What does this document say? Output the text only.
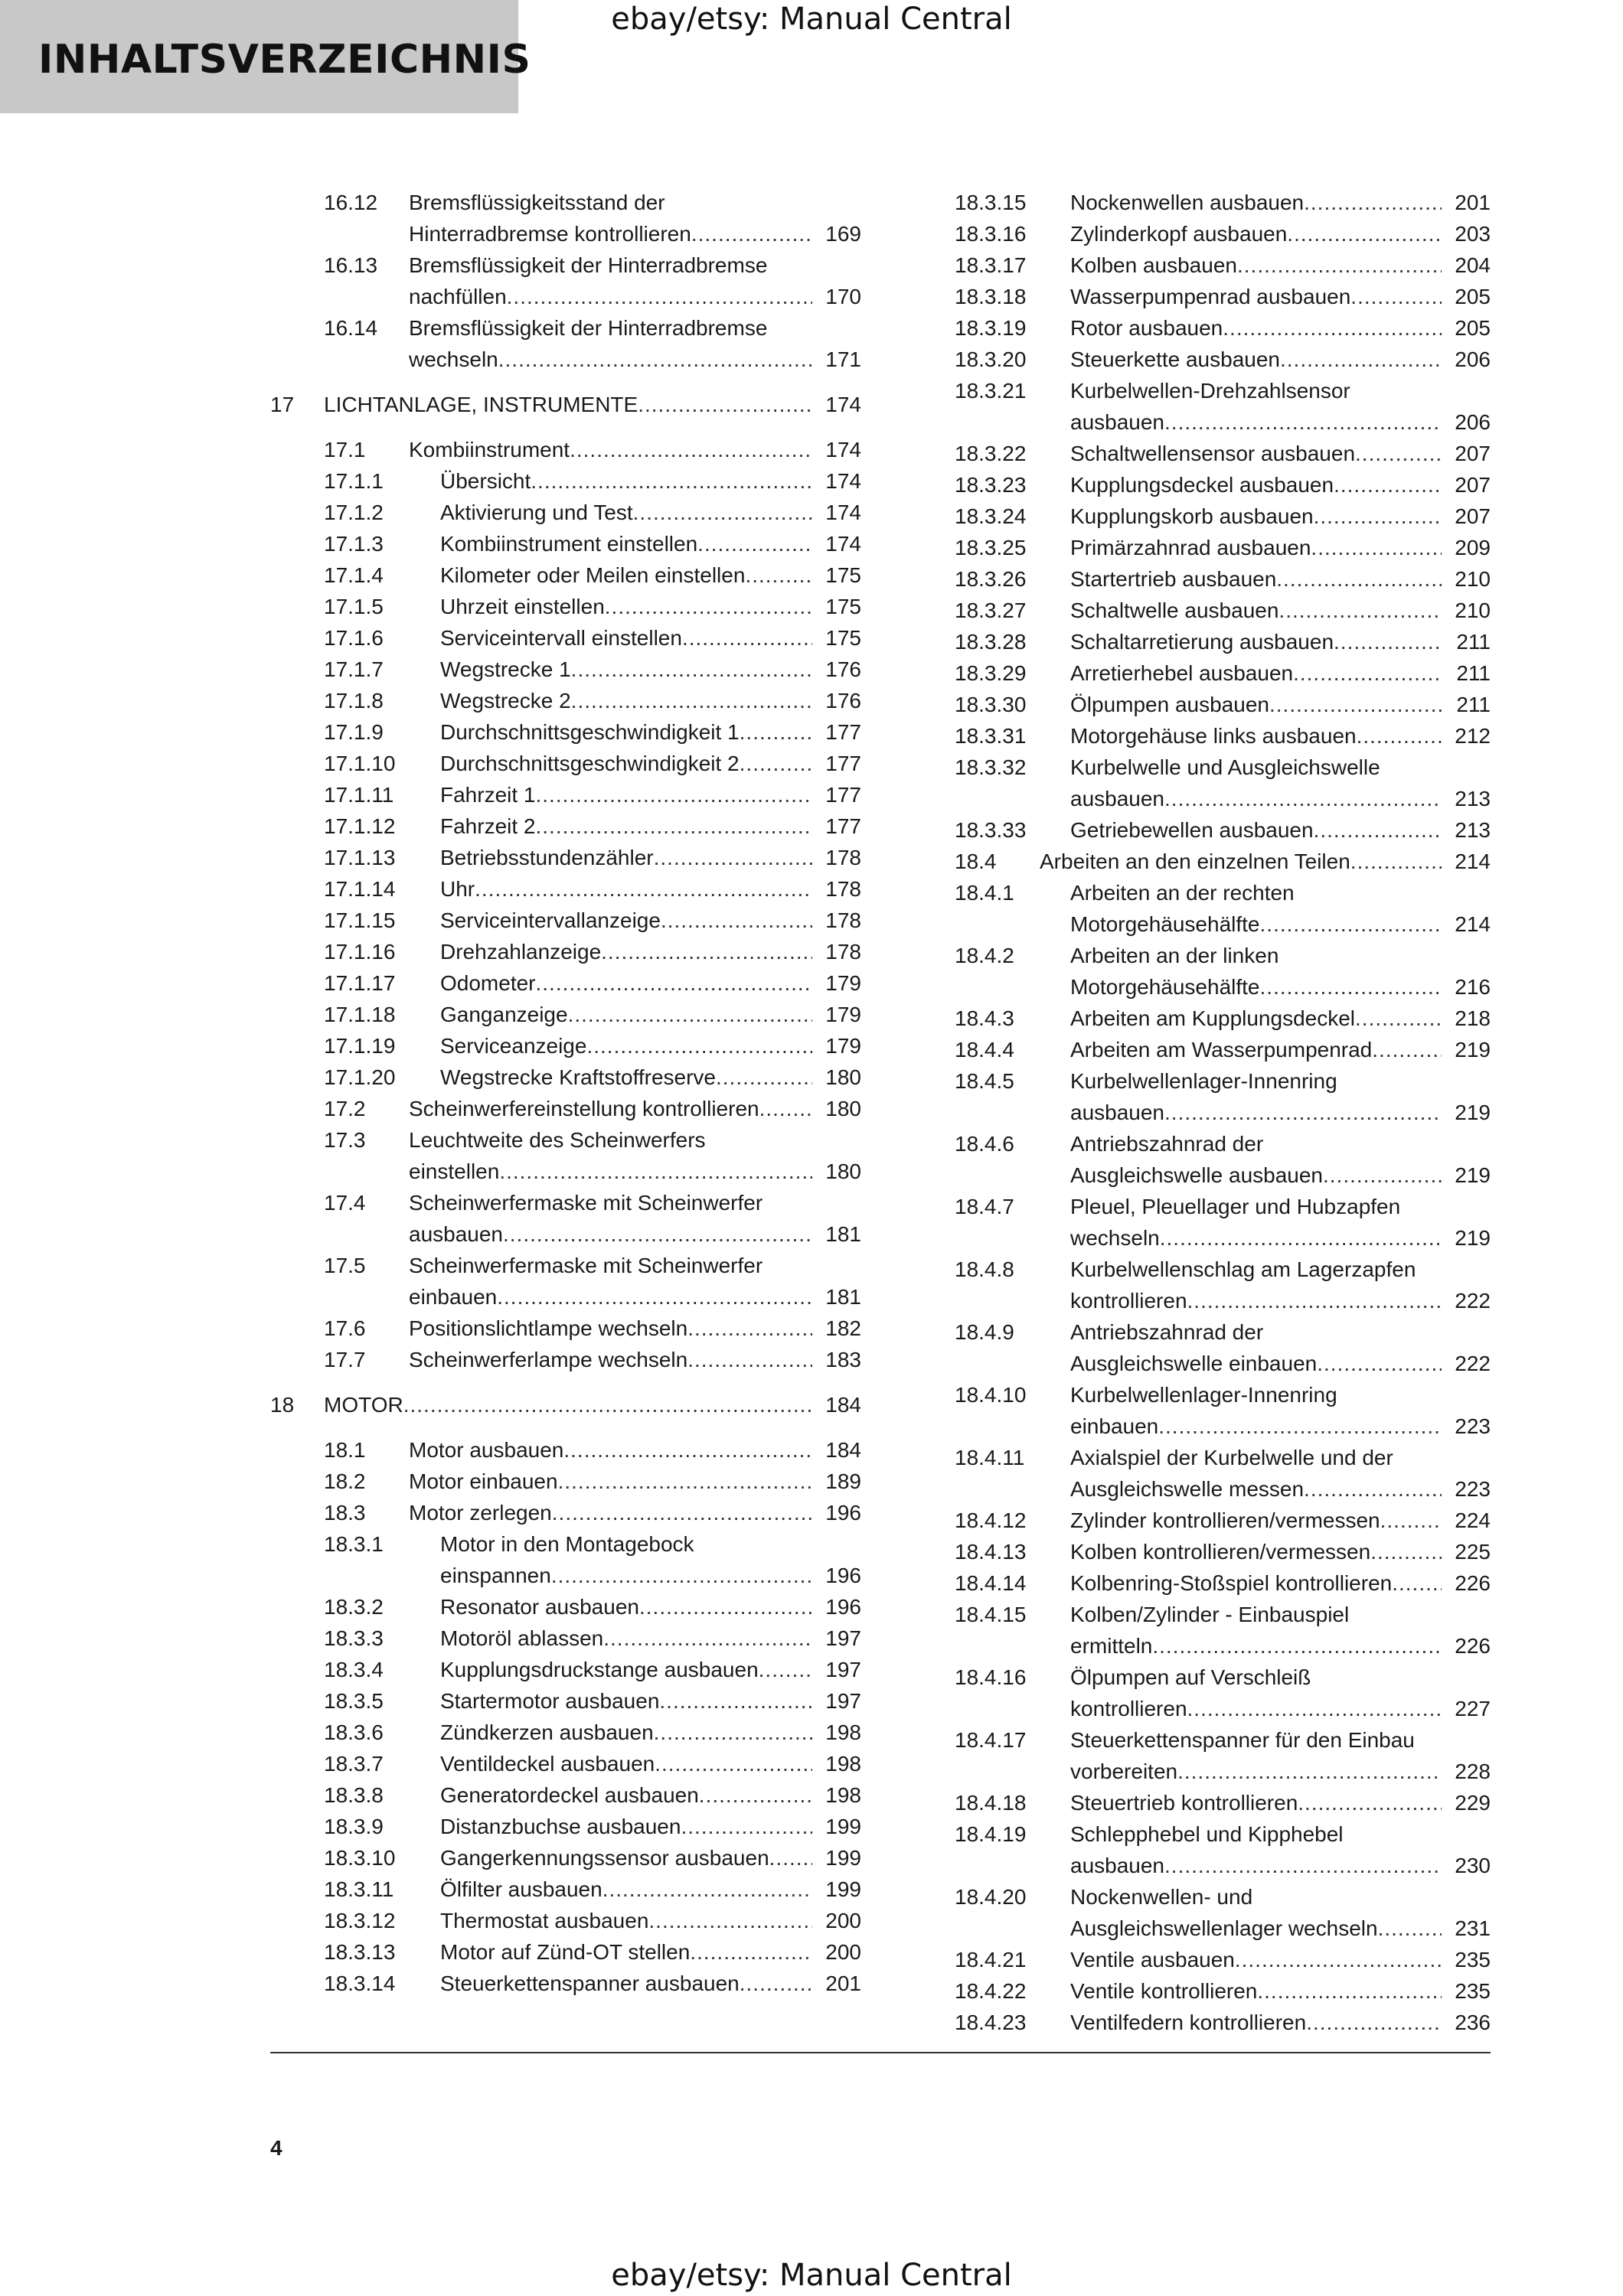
ebay/etsy: Manual Central
INHALTSVERZEICHNIS
16.12 Bremsflüssigkeitsstand der
Hinterradbremse kontrollieren .....	169
16.13 Bremsflüssigkeit der Hinterradbremse
nachfüllen .....	170
16.14 Bremsflüssigkeit der Hinterradbremse
wechseln .....	171
17 LICHTANLAGE, INSTRUMENTE .....	174
17.1 Kombiinstrument .....	174
17.1.1	Übersicht .....	174
17.1.2	Aktivierung und Test .....	174
17.1.3	Kombiinstrument einstellen .....	174
17.1.4	Kilometer oder Meilen einstellen .....	175
17.1.5	Uhrzeit einstellen .....	175
17.1.6	Serviceintervall einstellen .....	175
17.1.7	Wegstrecke 1 .....	176
17.1.8	Wegstrecke 2 .....	176
17.1.9	Durchschnittsgeschwindigkeit 1 .....	177
17.1.10 Durchschnittsgeschwindigkeit 2 .....	177
17.1.11 Fahrzeit 1 .....	177
17.1.12 Fahrzeit 2 .....	177
17.1.13 Betriebsstundenzähler .....	178
17.1.14 Uhr .....	178
17.1.15 Serviceintervallanzeige .....	178
17.1.16 Drehzahlanzeige .....	178
17.1.17 Odometer .....	179
17.1.18 Ganganzeige .....	179
17.1.19 Serviceanzeige .....	179
17.1.20 Wegstrecke Kraftstoffreserve .....	180
17.2 Scheinwerfereinstellung kontrollieren .....	180
17.3 Leuchtweite des Scheinwerfers
einstellen .....	180
17.4 Scheinwerfermaske mit Scheinwerfer
ausbauen .....	181
17.5 Scheinwerfermaske mit Scheinwerfer
einbauen .....	181
17.6 Positionslichtlampe wechseln .....	182
17.7 Scheinwerferlampe wechseln .....	183
18 MOTOR .....	184
18.1 Motor ausbauen .....	184
18.2 Motor einbauen .....	189
18.3 Motor zerlegen .....	196
18.3.1	Motor in den Montagebock
einspannen .....	196
18.3.2	Resonator ausbauen .....	196
18.3.3	Motoröl ablassen .....	197
18.3.4	Kupplungsdruckstange ausbauen .....	197
18.3.5	Startermotor ausbauen .....	197
18.3.6	Zündkerzen ausbauen .....	198
18.3.7	Ventildeckel ausbauen .....	198
18.3.8	Generatordeckel ausbauen .....	198
18.3.9	Distanzbuchse ausbauen .....	199
18.3.10 Gangerkennungssensor ausbauen .....	199
18.3.11 Ölfilter ausbauen .....	199
18.3.12 Thermostat ausbauen .....	200
18.3.13 Motor auf Zünd-OT stellen .....	200
18.3.14 Steuerkettenspanner ausbauen .....	201
18.3.15 Nockenwellen ausbauen .....	201
18.3.16 Zylinderkopf ausbauen .....	203
18.3.17 Kolben ausbauen .....	204
18.3.18 Wasserpumpenrad ausbauen .....	205
18.3.19 Rotor ausbauen .....	205
18.3.20 Steuerkette ausbauen .....	206
18.3.21 Kurbelwellen-Drehzahlsensor
ausbauen .....	206
18.3.22 Schaltwellensensor ausbauen .....	207
18.3.23 Kupplungsdeckel ausbauen .....	207
18.3.24 Kupplungskorb ausbauen .....	207
18.3.25 Primärzahnrad ausbauen .....	209
18.3.26 Startertrieb ausbauen .....	210
18.3.27 Schaltwelle ausbauen .....	210
18.3.28 Schaltarretierung ausbauen .....	211
18.3.29 Arretierhebel ausbauen .....	211
18.3.30 Ölpumpen ausbauen .....	211
18.3.31 Motorgehäuse links ausbauen .....	212
18.3.32 Kurbelwelle und Ausgleichswelle
ausbauen .....	213
18.3.33 Getriebewellen ausbauen .....	213
18.4 Arbeiten an den einzelnen Teilen .....	214
18.4.1	Arbeiten an der rechten
Motorgehäusehälfte .....	214
18.4.2	Arbeiten an der linken
Motorgehäusehälfte .....	216
18.4.3	Arbeiten am Kupplungsdeckel .....	218
18.4.4	Arbeiten am Wasserpumpenrad .....	219
18.4.5	Kurbelwellenlager-Innenring
ausbauen .....	219
18.4.6	Antriebszahnrad der
Ausgleichswelle ausbauen .....	219
18.4.7	Pleuel, Pleuellager und Hubzapfen
wechseln .....	219
18.4.8	Kurbelwellenschlag am Lagerzapfen
kontrollieren .....	222
18.4.9	Antriebszahnrad der
Ausgleichswelle einbauen .....	222
18.4.10 Kurbelwellenlager-Innenring
einbauen .....	223
18.4.11 Axialspiel der Kurbelwelle und der
Ausgleichswelle messen .....	223
18.4.12 Zylinder kontrollieren/vermessen .....	224
18.4.13 Kolben kontrollieren/vermessen .....	225
18.4.14 Kolbenring-Stoßspiel kontrollieren .....	226
18.4.15 Kolben/Zylinder - Einbauspiel
ermitteln .....	226
18.4.16 Ölpumpen auf Verschleiß
kontrollieren .....	227
18.4.17 Steuerkettenspanner für den Einbau
vorbereiten .....	228
18.4.18 Steuertrieb kontrollieren .....	229
18.4.19 Schlepphebel und Kipphebel
ausbauen .....	230
18.4.20 Nockenwellen- und
Ausgleichswellenlager wechseln .....	231
18.4.21 Ventile ausbauen .....	235
18.4.22 Ventile kontrollieren .....	235
18.4.23 Ventilfedern kontrollieren .....	236
4
ebay/etsy: Manual Central
